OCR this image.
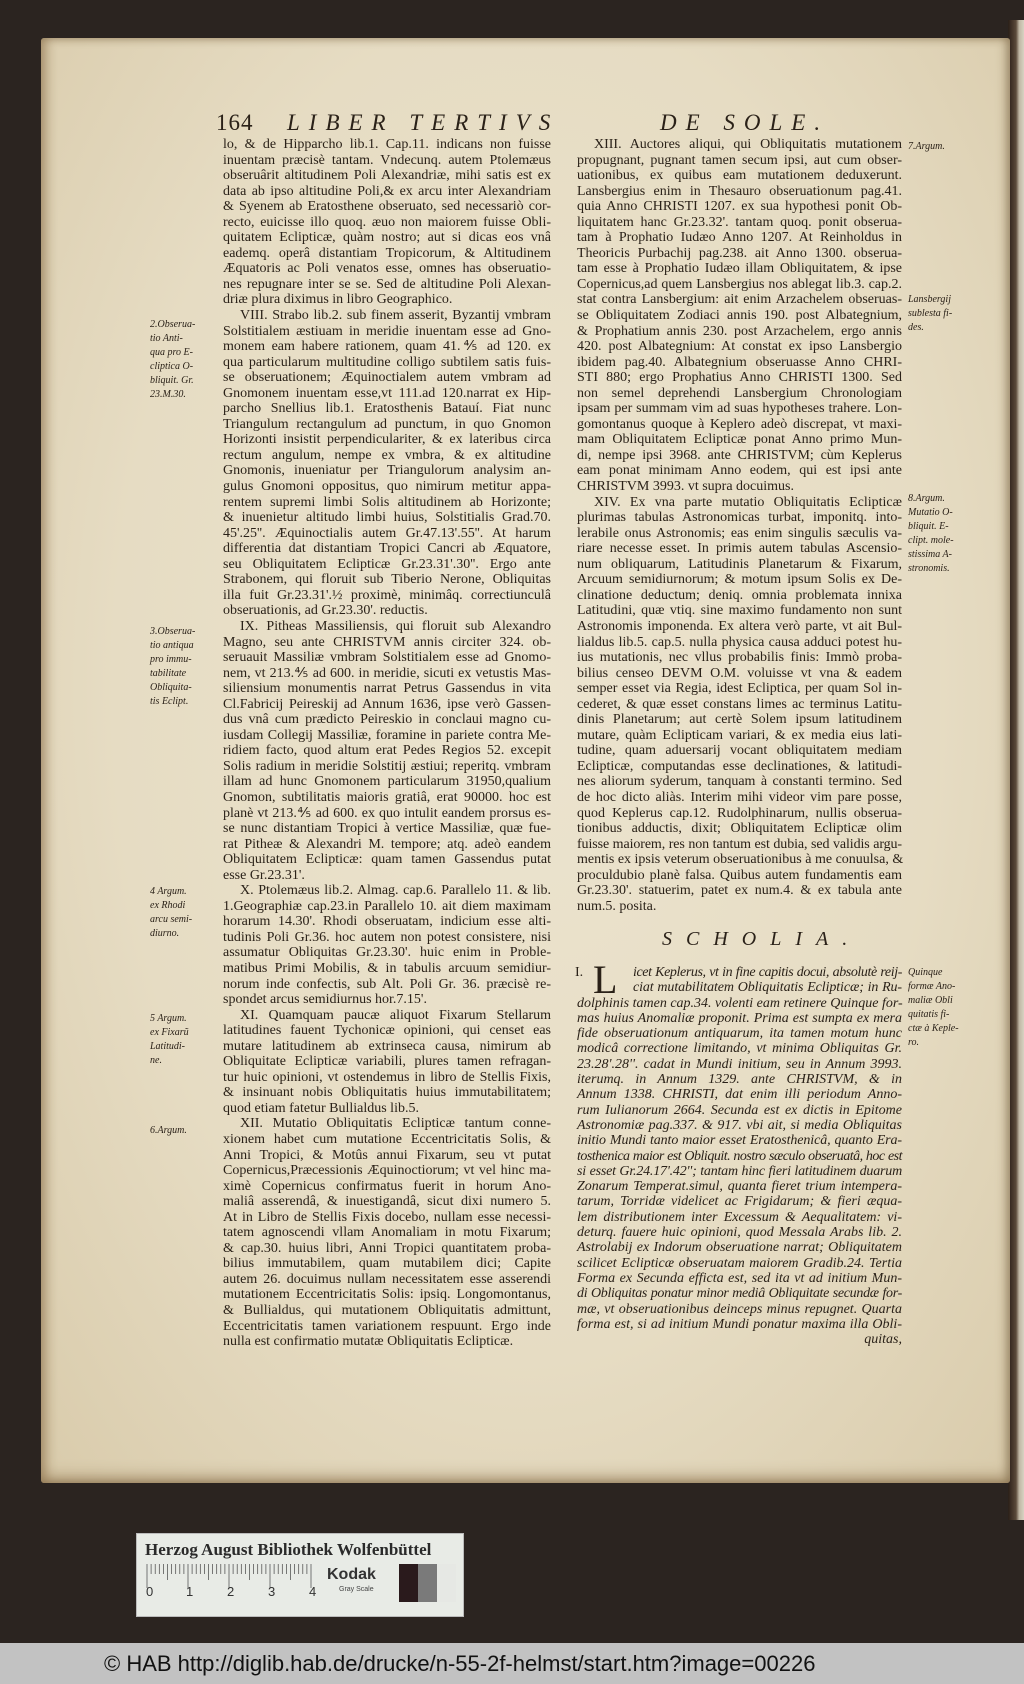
164 LIBER TERTIVS	DE SOLE.
lo, & de Hipparcho lib.1. Cap.11. indicans non fuisse
inuentam præcisè tantam. Vndecunq. autem Ptolemæus
obseruârit altitudinem Poli Alexandriæ, mihi satis est ex
data ab ipso altitudine Poli,& ex arcu inter Alexandriam
& Syenem ab Eratosthene obseruato, sed necessariò cor-
recto, euicisse illo quoq. æuo non maiorem fuisse Obli-
quitatem Eclipticæ, quàm nostro; aut si dicas eos vnâ
eademq. operâ distantiam Tropicorum, & Altitudinem
Æquatoris ac Poli venatos esse, omnes has obseruatio-
nes repugnare inter se se. Sed de altitudine Poli Alexan-
driæ plura diximus in libro Geographico.
VIII. Strabo lib.2. sub finem asserit, Byzantij vmbram
Solstitialem æstiuam in meridie inuentam esse ad Gno-
monem eam habere rationem, quam 41.⅘ ad 120. ex
qua particularum multitudine colligo subtilem satis fuis-
se obseruationem; Æquinoctialem autem vmbram ad
Gnomonem inuentam esse,vt 111.ad 120.narrat ex Hip-
parcho Snellius lib.1. Eratosthenis Batauí. Fiat nunc
Triangulum rectangulum ad punctum, in quo Gnomon
Horizonti insistit perpendiculariter, & ex lateribus circa
rectum angulum, nempe ex vmbra, & ex altitudine
Gnomonis, inueniatur per Triangulorum analysim an-
gulus Gnomoni oppositus, quo nimirum metitur appa-
rentem supremi limbi Solis altitudinem ab Horizonte;
& inuenietur altitudo limbi huius, Solstitialis Grad.70.
45'.25''. Æquinoctialis autem Gr.47.13'.55''. At harum
differentia dat distantiam Tropici Cancri ab Æquatore,
seu Obliquitatem Eclipticæ Gr.23.31'.30''. Ergo ante
Strabonem, qui floruit sub Tiberio Nerone, Obliquitas
illa fuit Gr.23.31'.½ proximè, minimâq. correctiunculâ
obseruationis, ad Gr.23.30'. reductis.
IX. Pitheas Massiliensis, qui floruit sub Alexandro
Magno, seu ante CHRISTVM annis circiter 324. ob-
seruauit Massiliæ vmbram Solstitialem esse ad Gnomo-
nem, vt 213.⅘ ad 600. in meridie, sicuti ex vetustis Mas-
siliensium monumentis narrat Petrus Gassendus in vita
Cl.Fabricij Peireskij ad Annum 1636, ipse verò Gassen-
dus vnâ cum prædicto Peireskio in conclaui magno cu-
iusdam Collegij Massiliæ, foramine in pariete contra Me-
ridiem facto, quod altum erat Pedes Regios 52. excepit
Solis radium in meridie Solstitij æstiui; reperitq. vmbram
illam ad hunc Gnomonem particularum 31950,qualium
Gnomon, subtilitatis maioris gratiâ, erat 90000. hoc est
planè vt 213.⅘ ad 600. ex quo intulit eandem prorsus es-
se nunc distantiam Tropici à vertice Massiliæ, quæ fue-
rat Pitheæ & Alexandri M. tempore; atq. adeò eandem
Obliquitatem Eclipticæ: quam tamen Gassendus putat
esse Gr.23.31'.
X. Ptolemæus lib.2. Almag. cap.6. Parallelo 11. & lib.
1.Geographiæ cap.23.in Parallelo 10. ait diem maximam
horarum 14.30'. Rhodi obseruatam, indicium esse alti-
tudinis Poli Gr.36. hoc autem non potest consistere, nisi
assumatur Obliquitas Gr.23.30'. huic enim in Proble-
matibus Primi Mobilis, & in tabulis arcuum semidiur-
norum inde confectis, sub Alt. Poli Gr. 36. præcisè re-
spondet arcus semidiurnus hor.7.15'.
XI. Quamquam paucæ aliquot Fixarum Stellarum
latitudines fauent Tychonicæ opinioni, qui censet eas
mutare latitudinem ab extrinseca causa, nimirum ab
Obliquitate Eclipticæ variabili, plures tamen refragan-
tur huic opinioni, vt ostendemus in libro de Stellis Fixis,
& insinuant nobis Obliquitatis huius immutabilitatem;
quod etiam fatetur Bullialdus lib.5.
XII. Mutatio Obliquitatis Eclipticæ tantum conne-
xionem habet cum mutatione Eccentricitatis Solis, &
Anni Tropici, & Motûs annui Fixarum, seu vt putat
Copernicus,Præcessionis Æquinoctiorum; vt vel hinc ma-
ximè Copernicus confirmatus fuerit in horum Ano-
maliâ asserendâ, & inuestigandâ, sicut dixi numero 5.
At in Libro de Stellis Fixis docebo, nullam esse necessi-
tatem agnoscendi vllam Anomaliam in motu Fixarum;
& cap.30. huius libri, Anni Tropici quantitatem proba-
bilius immutabilem, quam mutabilem dici; Capite
autem 26. docuimus nullam necessitatem esse asserendi
mutationem Eccentricitatis Solis: ipsiq. Longomontanus,
& Bullialdus, qui mutationem Obliquitatis admittunt,
Eccentricitatis tamen variationem respuunt. Ergo inde
nulla est confirmatio mutatæ Obliquitatis Eclipticæ.
XIII. Auctores aliqui, qui Obliquitatis mutationem
propugnant, pugnant tamen secum ipsi, aut cum obser-
uationibus, ex quibus eam mutationem deduxerunt.
Lansbergius enim in Thesauro obseruationum pag.41.
quia Anno CHRISTI 1207. ex sua hypothesi ponit Ob-
liquitatem hanc Gr.23.32'. tantam quoq. ponit obserua-
tam à Prophatio Iudæo Anno 1207. At Reinholdus in
Theoricis Purbachij pag.238. ait Anno 1300. obserua-
tam esse à Prophatio Iudæo illam Obliquitatem, & ipse
Copernicus,ad quem Lansbergius nos ablegat lib.3. cap.2.
stat contra Lansbergium: ait enim Arzachelem obseruas-
se Obliquitatem Zodiaci annis 190. post Albategnium,
& Prophatium annis 230. post Arzachelem, ergo annis
420. post Albategnium: At constat ex ipso Lansbergio
ibidem pag.40. Albategnium obseruasse Anno CHRI-
STI 880; ergo Prophatius Anno CHRISTI 1300. Sed
non semel deprehendi Lansbergium Chronologiam
ipsam per summam vim ad suas hypotheses trahere. Lon-
gomontanus quoque à Keplero adeò discrepat, vt maxi-
mam Obliquitatem Eclipticæ ponat Anno primo Mun-
di, nempe ipsi 3968. ante CHRISTVM; cùm Keplerus
eam ponat minimam Anno eodem, qui est ipsi ante
CHRISTVM 3993. vt supra docuimus.
XIV. Ex vna parte mutatio Obliquitatis Eclipticæ
plurimas tabulas Astronomicas turbat, imponitq. into-
lerabile onus Astronomis; eas enim singulis sæculis va-
riare necesse esset. In primis autem tabulas Ascensio-
num obliquarum, Latitudinis Planetarum & Fixarum,
Arcuum semidiurnorum; & motum ipsum Solis ex De-
clinatione deductum; deniq. omnia problemata innixa
Latitudini, quæ vtiq. sine maximo fundamento non sunt
Astronomis imponenda. Ex altera verò parte, vt ait Bul-
lialdus lib.5. cap.5. nulla physica causa adduci potest hu-
ius mutationis, nec vllus probabilis finis: Immò proba-
bilius censeo DEVM O.M. voluisse vt vna & eadem
semper esset via Regia, idest Ecliptica, per quam Sol in-
cederet, & quæ esset constans limes ac terminus Latitu-
dinis Planetarum; aut certè Solem ipsum latitudinem
mutare, quàm Eclipticam variari, & ex media eius lati-
tudine, quam aduersarij vocant obliquitatem mediam
Eclipticæ, computandas esse declinationes, & latitudi-
nes aliorum syderum, tanquam à constanti termino. Sed
de hoc dicto aliàs. Interim mihi videor vim pare posse,
quod Keplerus cap.12. Rudolphinarum, nullis obserua-
tionibus adductis, dixit; Obliquitatem Eclipticæ olim
fuisse maiorem, res non tantum est dubia, sed validis argu-
mentis ex ipsis veterum obseruationibus à me conuulsa, &
proculdubio planè falsa. Quibus autem fundamentis eam
Gr.23.30'. statuerim, patet ex num.4. & ex tabula ante
num.5. posita.
SCHOLIA.
I. L	icet Keplerus, vt in fine capitis docui, absolutè reij-
ciat mutabilitatem Obliquitatis Eclipticæ; in Ru-
dolphinis tamen cap.34. volenti eam retinere Quinque for-
mas huius Anomaliæ proponit. Prima est sumpta ex mera
fide obseruationum antiquarum, ita tamen motum hunc
modicâ correctione limitando, vt minima Obliquitas Gr.
23.28'.28''. cadat in Mundi initium, seu in Annum 3993.
iterumq. in Annum 1329. ante CHRISTVM, & in
Annum 1338. CHRISTI, dat enim illi periodum Anno-
rum Iulianorum 2664. Secunda est ex dictis in Epitome
Astronomiæ pag.337. & 917. vbi ait, si media Obliquitas
initio Mundi tanto maior esset Eratosthenicâ, quanto Era-
tosthenica maior est Obliquit. nostro sæculo obseruatâ, hoc est
si esset Gr.24.17'.42''; tantam hinc fieri latitudinem duarum
Zonarum Temperat.simul, quanta fieret trium intempera-
tarum, Torridæ videlicet ac Frigidarum; & fieri æqua-
lem distributionem inter Excessum & Aequalitatem: vi-
deturq. fauere huic opinioni, quod Messala Arabs lib. 2.
Astrolabij ex Indorum obseruatione narrat; Obliquitatem
scilicet Eclipticæ obseruatam maiorem Gradib.24. Tertia
Forma ex Secunda efficta est, sed ita vt ad initium Mun-
di Obliquitas ponatur minor mediâ Obliquitate secundæ for-
mæ, vt obseruationibus deinceps minus repugnet. Quarta
forma est, si ad initium Mundi ponatur maxima illa Obli-
quitas,
2.Obserua-
tio Anti-
qua pro E-
cliptica O-
bliquit. Gr.
23.M.30.
3.Obserua-
tio antiqua
pro immu-
tabilitate
Obliquita-
tis Eclipt.
4 Argum.
ex Rhodi
arcu semi-
diurno.
5 Argum.
ex Fixarũ
Latitudi-
ne.
6.Argum.
7.Argum.
Lansbergij
sublesta fi-
des.
8.Argum.
Mutatio O-
bliquit. E-
clipt. mole-
stissima A-
stronomis.
Quinque
formæ Ano-
maliæ Obli
quitatis fi-
ctæ à Keple-
ro.
Herzog August Bibliothek Wolfenbüttel
0	1	2	3	4
Kodak
Gray Scale
© HAB http://diglib.hab.de/drucke/n-55-2f-helmst/start.htm?image=00226
